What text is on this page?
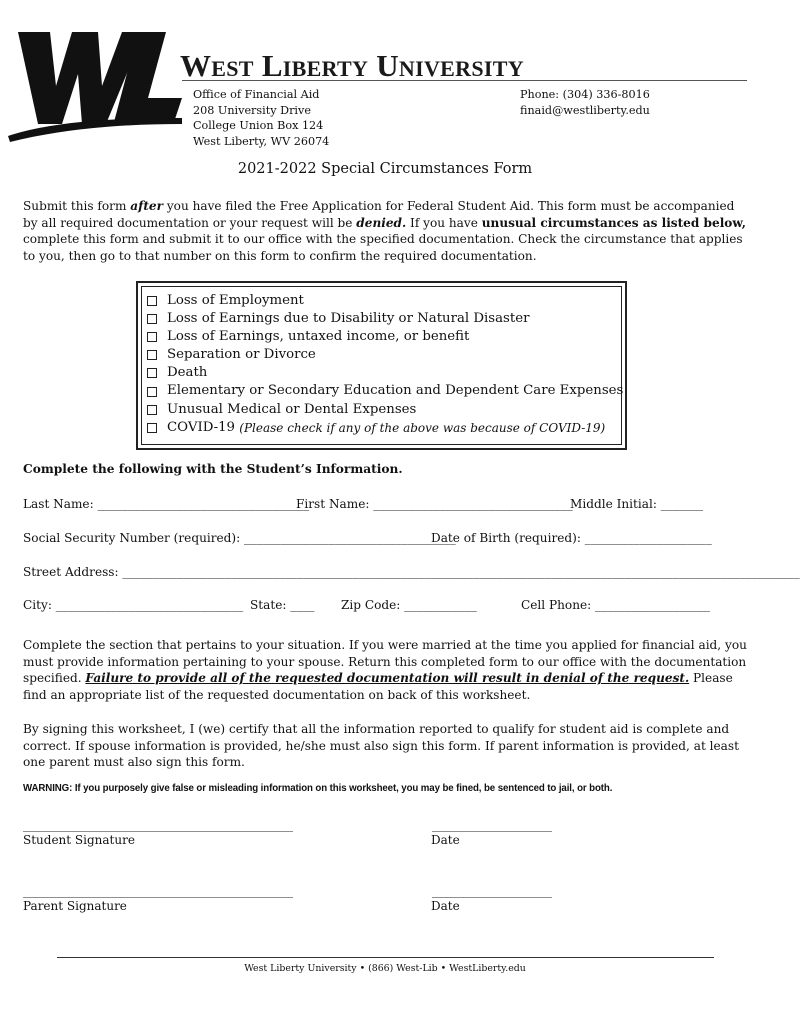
West Liberty University
Office of Financial Aid
208 University Drive
College Union Box 124
West Liberty, WV 26074
Phone: (304) 336-8016
finaid@westliberty.edu
2021-2022 Special Circumstances Form
Submit this form after you have filed the Free Application for Federal Student Aid. This form must be accompanied by all required documentation or your request will be denied. If you have unusual circumstances as listed below, complete this form and submit it to our office with the specified documentation. Check the circumstance that applies to you, then go to that number on this form to confirm the required documentation.
Loss of Employment
Loss of Earnings due to Disability or Natural Disaster
Loss of Earnings, untaxed income, or benefit
Separation or Divorce
Death
Elementary or Secondary Education and Dependent Care Expenses
Unusual Medical or Dental Expenses
COVID-19
(Please check if any of the above was because of COVID-19)
Complete the following with the Student’s Information.
Last Name: ___________________________________
First Name: _________________________________
Middle Initial: _______
Social Security Number (required): ___________________________________
Date of Birth (required): _____________________
Street Address: ________________________________________________________________________________________________________________
City: _______________________________ State: ____ Zip Code: ____________	Cell Phone: ___________________
Complete the section that pertains to your situation. If you were married at the time you applied for financial aid, you must provide information pertaining to your spouse. Return this completed form to our office with the documentation specified. Failure to provide all of the requested documentation will result in denial of the request. Please find an appropriate list of the requested documentation on back of this worksheet.
By signing this worksheet, I (we) certify that all the information reported to qualify for student aid is complete and correct. If spouse information is provided, he/she must also sign this form. If parent information is provided, at least one parent must also sign this form.
WARNING: If you purposely give false or misleading information on this worksheet, you may be fined, be sentenced to jail, or both.
_____________________________________________
Student Signature
____________________
Date
_____________________________________________
Parent Signature
____________________
Date
West Liberty University • (866) West-Lib • WestLiberty.edu
